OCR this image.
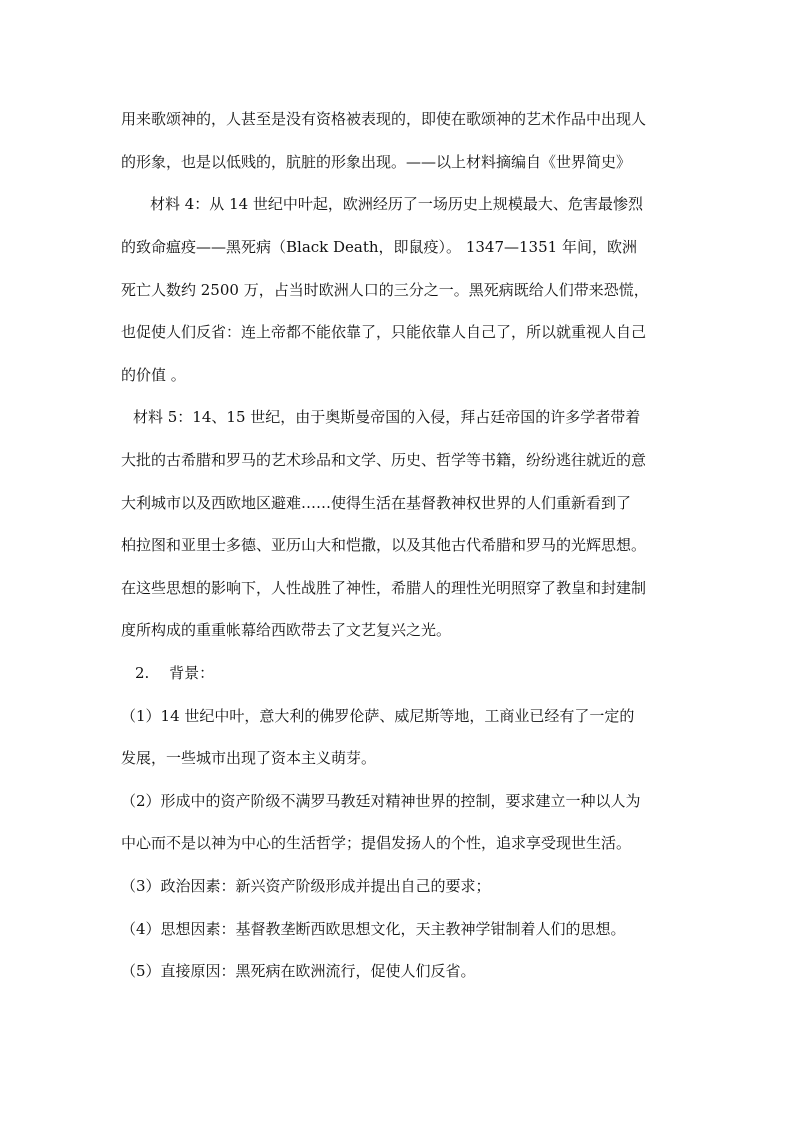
用来歌颂神的，人甚至是没有资格被表现的，即使在歌颂神的艺术作品中出现人
的形象，也是以低贱的，肮脏的形象出现。——以上材料摘编自《世界简史》
材料 4：从 14 世纪中叶起，欧洲经历了一场历史上规模最大、危害最惨烈
的致命瘟疫——黑死病（Black Death，即鼠疫）。 1347—1351 年间，欧洲
死亡人数约 2500 万，占当时欧洲人口的三分之一。黑死病既给人们带来恐慌，
也促使人们反省：连上帝都不能依靠了，只能依靠人自己了，所以就重视人自己
的价值 。
材料 5：14、15 世纪，由于奥斯曼帝国的入侵，拜占廷帝国的许多学者带着
大批的古希腊和罗马的艺术珍品和文学、历史、哲学等书籍，纷纷逃往就近的意
大利城市以及西欧地区避难……使得生活在基督教神权世界的人们重新看到了
柏拉图和亚里士多德、亚历山大和恺撒，以及其他古代希腊和罗马的光辉思想。
在这些思想的影响下，人性战胜了神性，希腊人的理性光明照穿了教皇和封建制
度所构成的重重帐幕给西欧带去了文艺复兴之光。
2.　 背景：
（1）14 世纪中叶，意大利的佛罗伦萨、威尼斯等地，工商业已经有了一定的
发展，一些城市出现了资本主义萌芽。
（2）形成中的资产阶级不满罗马教廷对精神世界的控制，要求建立一种以人为
中心而不是以神为中心的生活哲学；提倡发扬人的个性，追求享受现世生活。
（3）政治因素：新兴资产阶级形成并提出自己的要求；
（4）思想因素：基督教垄断西欧思想文化，天主教神学钳制着人们的思想。
（5）直接原因：黑死病在欧洲流行，促使人们反省。
